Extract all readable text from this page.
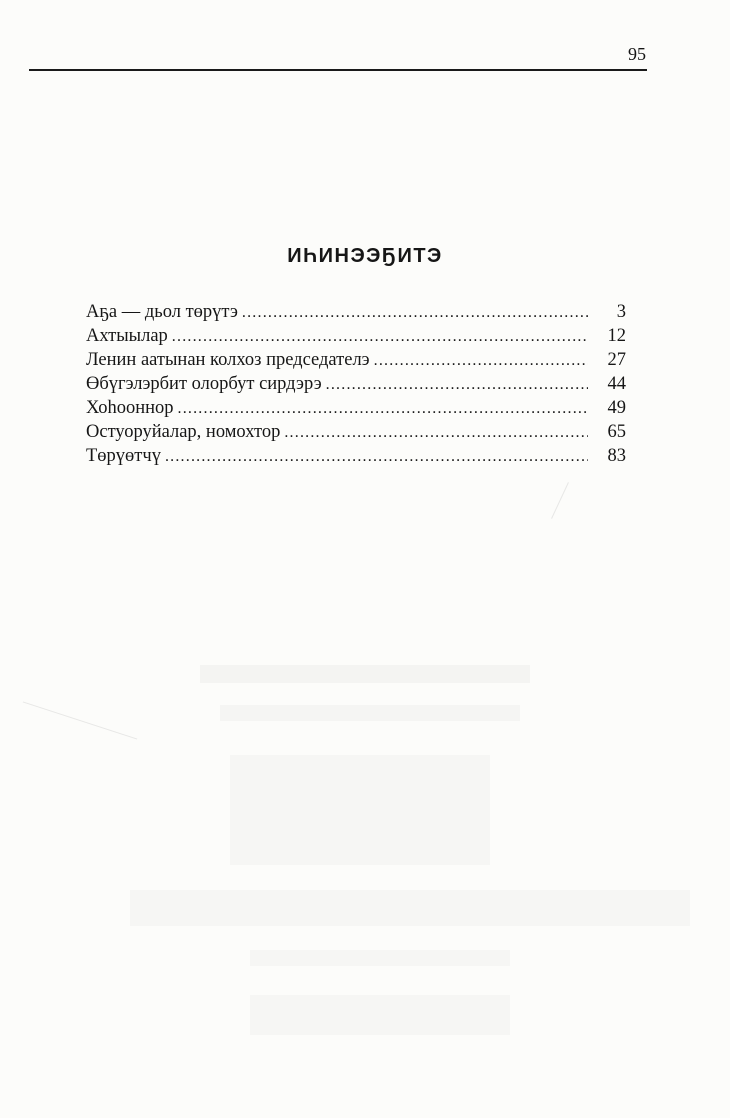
95
ИҺИНЭЭҔИТЭ
Аҕа — дьол төрүтэ .....	3
Ахтыылар .....	12
Ленин аатынан колхоз председателэ .....	27
Өбүгэлэрбит олорбут сирдэрэ .....	44
Хоһооннор .....	49
Остуоруйалар, номохтор .....	65
Төрүөтчү .....	83
